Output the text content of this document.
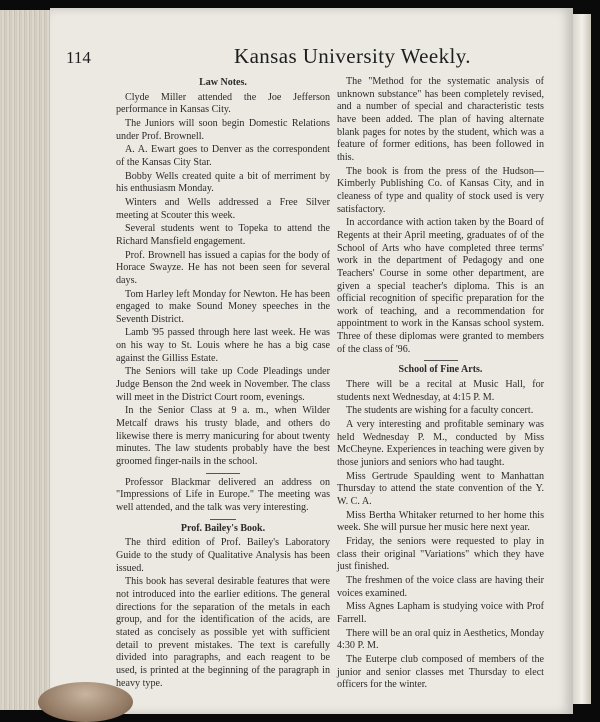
114	Kansas University Weekly.
Law Notes.

Clyde Miller attended the Joe Jefferson performance in Kansas City.

The Juniors will soon begin Domestic Relations under Prof. Brownell.

A. A. Ewart goes to Denver as the correspondent of the Kansas City Star.

Bobby Wells created quite a bit of merriment by his enthusiasm Monday.

Winters and Wells addressed a Free Silver meeting at Scouter this week.

Several students went to Topeka to attend the Richard Mansfield engagement.

Prof. Brownell has issued a capias for the body of Horace Swayze. He has not been seen for several days.

Tom Harley left Monday for Newton. He has been engaged to make Sound Money speeches in the Seventh District.

Lamb '95 passed through here last week. He was on his way to St. Louis where he has a big case against the Gilliss Estate.

The Seniors will take up Code Pleadings under Judge Benson the 2nd week in November. The class will meet in the District Court room, evenings.

In the Senior Class at 9 a. m., when Wilder Metcalf draws his trusty blade, and others do likewise there is merry manicuring for about twenty minutes. The law students probably have the best groomed finger-nails in the school.

Professor Blackmar delivered an address on "Impressions of Life in Europe." The meeting was well attended, and the talk was very interesting.

Prof. Bailey's Book.

The third edition of Prof. Bailey's Laboratory Guide to the study of Qualitative Analysis has been issued.

This book has several desirable features that were not introduced into the earlier editions. The general directions for the separation of the metals in each group, and for the identification of the acids, are stated as concisely as possible yet with sufficient detail to prevent mistakes. The text is carefully divided into paragraphs, and each reagent to be used, is printed at the beginning of the paragraph in heavy type.

The "Method for the systematic analysis of unknown substance" has been completely revised, and a number of special and characteristic tests have been added. The plan of having alternate blank pages for notes by the student, which was a feature of former editions, has been followed in this.

The book is from the press of the Hudson—Kimberly Publishing Co. of Kansas City, and in cleaness of type and quality of stock used is very satisfactory.

In accordance with action taken by the Board of Regents at their April meeting, graduates of of the School of Arts who have completed three terms' work in the department of Pedagogy and one Teachers' Course in some other department, are given a special teacher's diploma. This is an official recognition of specific preparation for the work of teaching, and a recommendation for appointment to work in the Kansas school system. Three of these diplomas were granted to members of the class of '96.

School of Fine Arts.

There will be a recital at Music Hall, for students next Wednesday, at 4:15 P. M.

The students are wishing for a faculty concert.

A very interesting and profitable seminary was held Wednesday P. M., conducted by Miss McCheyne. Experiences in teaching were given by those juniors and seniors who had taught.

Miss Gertrude Spaulding went to Manhattan Thursday to attend the state convention of the Y. W. C. A.

Miss Bertha Whitaker returned to her home this week. She will pursue her music here next year.

Friday, the seniors were requested to play in class their original "Variations" which they have just finished.

The freshmen of the voice class are having their voices examined.

Miss Agnes Lapham is studying voice with Prof Farrell.

There will be an oral quiz in Aesthetics, Monday 4:30 P. M.

The Euterpe club composed of members of the junior and senior classes met Thursday to elect officers for the winter.
